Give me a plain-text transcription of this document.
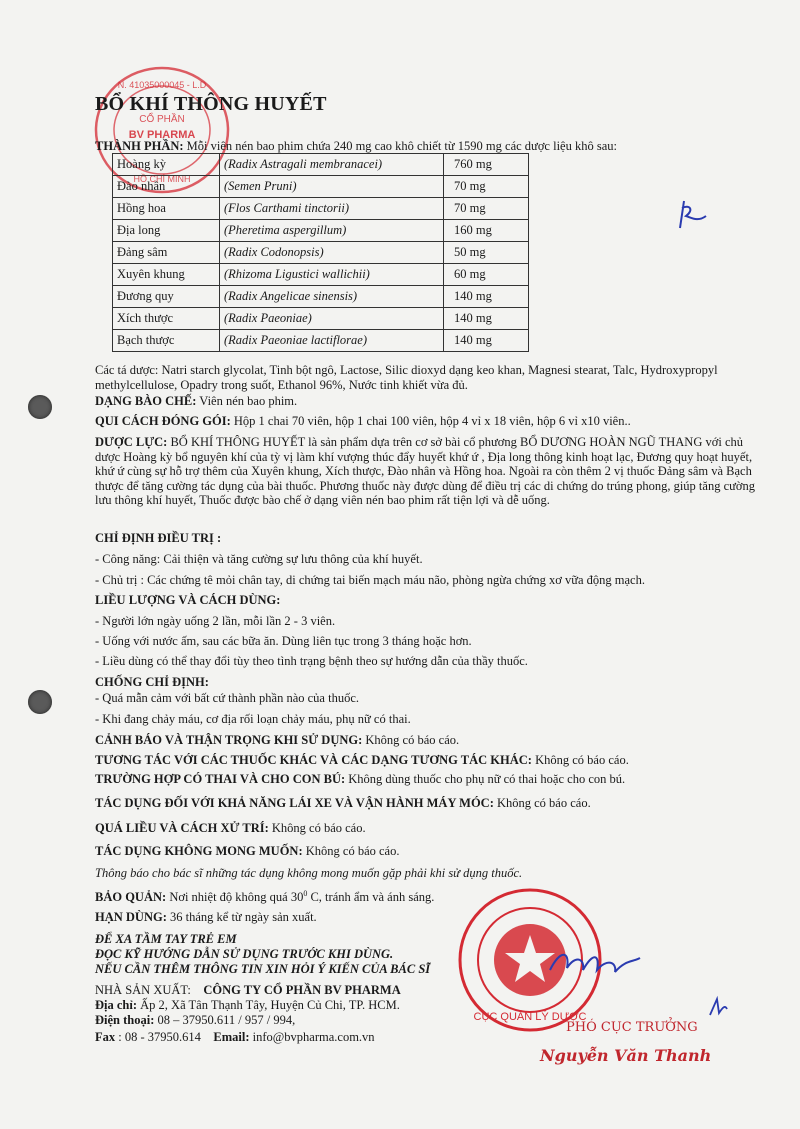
N. 41035000045 - L.D
CỔ PHẦN
BV PHARMA
HỒ CHÍ MINH
BỔ KHÍ THÔNG HUYẾT
THÀNH PHẦN: Mỗi viên nén bao phim chứa 240 mg cao khô chiết từ 1590 mg các dược liệu khô sau:
Hoàng kỳ	(Radix Astragali membranacei)	760 mg
Đào nhân	(Semen Pruni)	70 mg
Hồng hoa	(Flos Carthami tinctorii)	70 mg
Địa long	(Pheretima aspergillum)	160 mg
Đảng sâm	(Radix Codonopsis)	50 mg
Xuyên khung	(Rhizoma Ligustici wallichii)	60 mg
Đương quy	(Radix Angelicae sinensis)	140 mg
Xích thược	(Radix Paeoniae)	140 mg
Bạch thược	(Radix Paeoniae lactiflorae)	140 mg
Các tá dược: Natri starch glycolat, Tinh bột ngô, Lactose, Silic dioxyd dạng keo khan, Magnesi stearat, Talc, Hydroxypropyl methylcellulose, Opadry trong suốt, Ethanol 96%, Nước tinh khiết vừa đủ.
DẠNG BÀO CHẾ: Viên nén bao phim.
QUI CÁCH ĐÓNG GÓI: Hộp 1 chai 70 viên, hộp 1 chai 100 viên, hộp 4 vỉ x 18 viên, hộp 6 vỉ x10 viên..
DƯỢC LỰC: BỔ KHÍ THÔNG HUYẾT là sản phẩm dựa trên cơ sở bài cổ phương BỔ DƯƠNG HOÀN NGŨ THANG với chủ dược Hoàng kỳ bổ nguyên khí của tỳ vị làm khí vượng thúc đẩy huyết khứ ứ , Địa long thông kinh hoạt lạc, Đương quy hoạt huyết, khứ ứ cùng sự hỗ trợ thêm của Xuyên khung, Xích thược, Đào nhân và Hồng hoa. Ngoài ra còn thêm 2 vị thuốc Đảng sâm và Bạch thược để tăng cường tác dụng của bài thuốc. Phương thuốc này được dùng để điều trị các di chứng do trúng phong, giúp tăng cường lưu thông khí huyết, Thuốc được bào chế ở dạng viên nén bao phim rất tiện lợi và dễ uống.
CHỈ ĐỊNH ĐIỀU TRỊ :
- Công năng: Cải thiện và tăng cường sự lưu thông của khí huyết.
- Chủ trị : Các chứng tê mỏi chân tay, di chứng tai biến mạch máu não, phòng ngừa chứng xơ vữa động mạch.
LIỀU LƯỢNG VÀ CÁCH DÙNG:
- Người lớn ngày uống 2 lần, mỗi lần 2 - 3 viên.
- Uống với nước ấm, sau các bữa ăn. Dùng liên tục trong 3 tháng hoặc hơn.
- Liều dùng có thể thay đổi tùy theo tình trạng bệnh theo sự hướng dẫn của thầy thuốc.
CHỐNG CHỈ ĐỊNH:
- Quá mẫn cảm với bất cứ thành phần nào của thuốc.
- Khi đang chảy máu, cơ địa rối loạn chảy máu, phụ nữ có thai.
CẢNH BÁO VÀ THẬN TRỌNG KHI SỬ DỤNG: Không có báo cáo.
TƯƠNG TÁC VỚI CÁC THUỐC KHÁC VÀ CÁC DẠNG TƯƠNG TÁC KHÁC: Không có báo cáo.
TRƯỜNG HỢP CÓ THAI VÀ CHO CON BÚ: Không dùng thuốc cho phụ nữ có thai hoặc cho con bú.
TÁC DỤNG ĐỐI VỚI KHẢ NĂNG LÁI XE VÀ VẬN HÀNH MÁY MÓC: Không có báo cáo.
QUÁ LIỀU VÀ CÁCH XỬ TRÍ: Không có báo cáo.
TÁC DỤNG KHÔNG MONG MUỐN: Không có báo cáo.
Thông báo cho bác sĩ những tác dụng không mong muốn gặp phải khi sử dụng thuốc.
BẢO QUẢN: Nơi nhiệt độ không quá $30^0$ C, tránh ẩm và ánh sáng.
HẠN DÙNG: 36 tháng kể từ ngày sản xuất.
ĐỂ XA TẦM TAY TRẺ EM
ĐỌC KỸ HƯỚNG DẪN SỬ DỤNG TRƯỚC KHI DÙNG.
NẾU CẦN THÊM THÔNG TIN XIN HỎI Ý KIẾN CỦA BÁC SĨ
NHÀ SẢN XUẤT: CÔNG TY CỔ PHẦN BV PHARMA
Địa chỉ: Ấp 2, Xã Tân Thạnh Tây, Huyện Củ Chi, TP. HCM.
Điện thoại: 08 – 37950.611 / 957 / 994,
Fax : 08 - 37950.614 Email: info@bvpharma.com.vn
CỤC QUẢN LÝ DƯỢC
PHÓ CỤC TRƯỞNG
Nguyễn Văn Thanh
